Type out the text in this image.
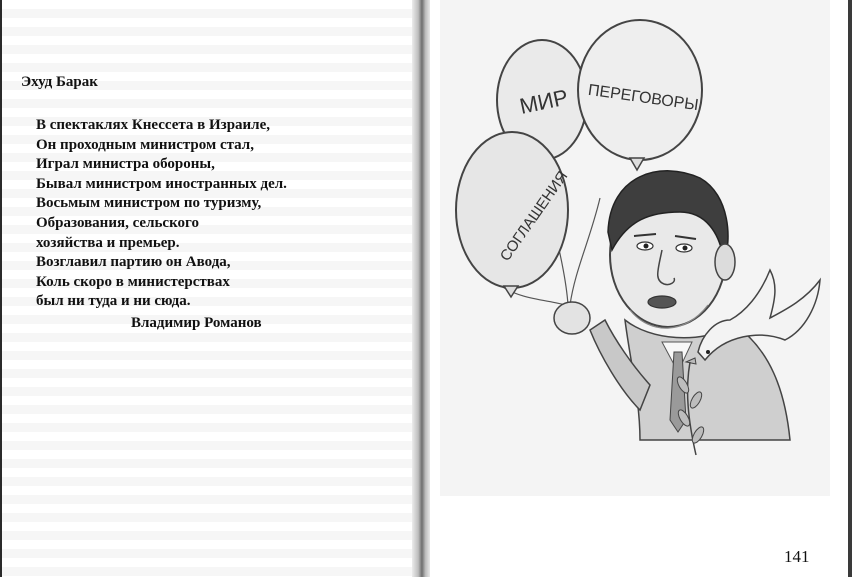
Эхуд Барак
В спектаклях Кнессета в Израиле,
Он проходным министром стал,
Играл министра обороны,
Бывал министром иностранных дел.
Восьмым министром по туризму,
Образования, сельского
хозяйства и премьер.
Возглавил партию он Авода,
Коль скоро в министерствах
был ни туда и ни сюда.
Владимир Романов
МИР ПЕРЕГОВОРЫ
СОГЛАШЕНИЯ
141
